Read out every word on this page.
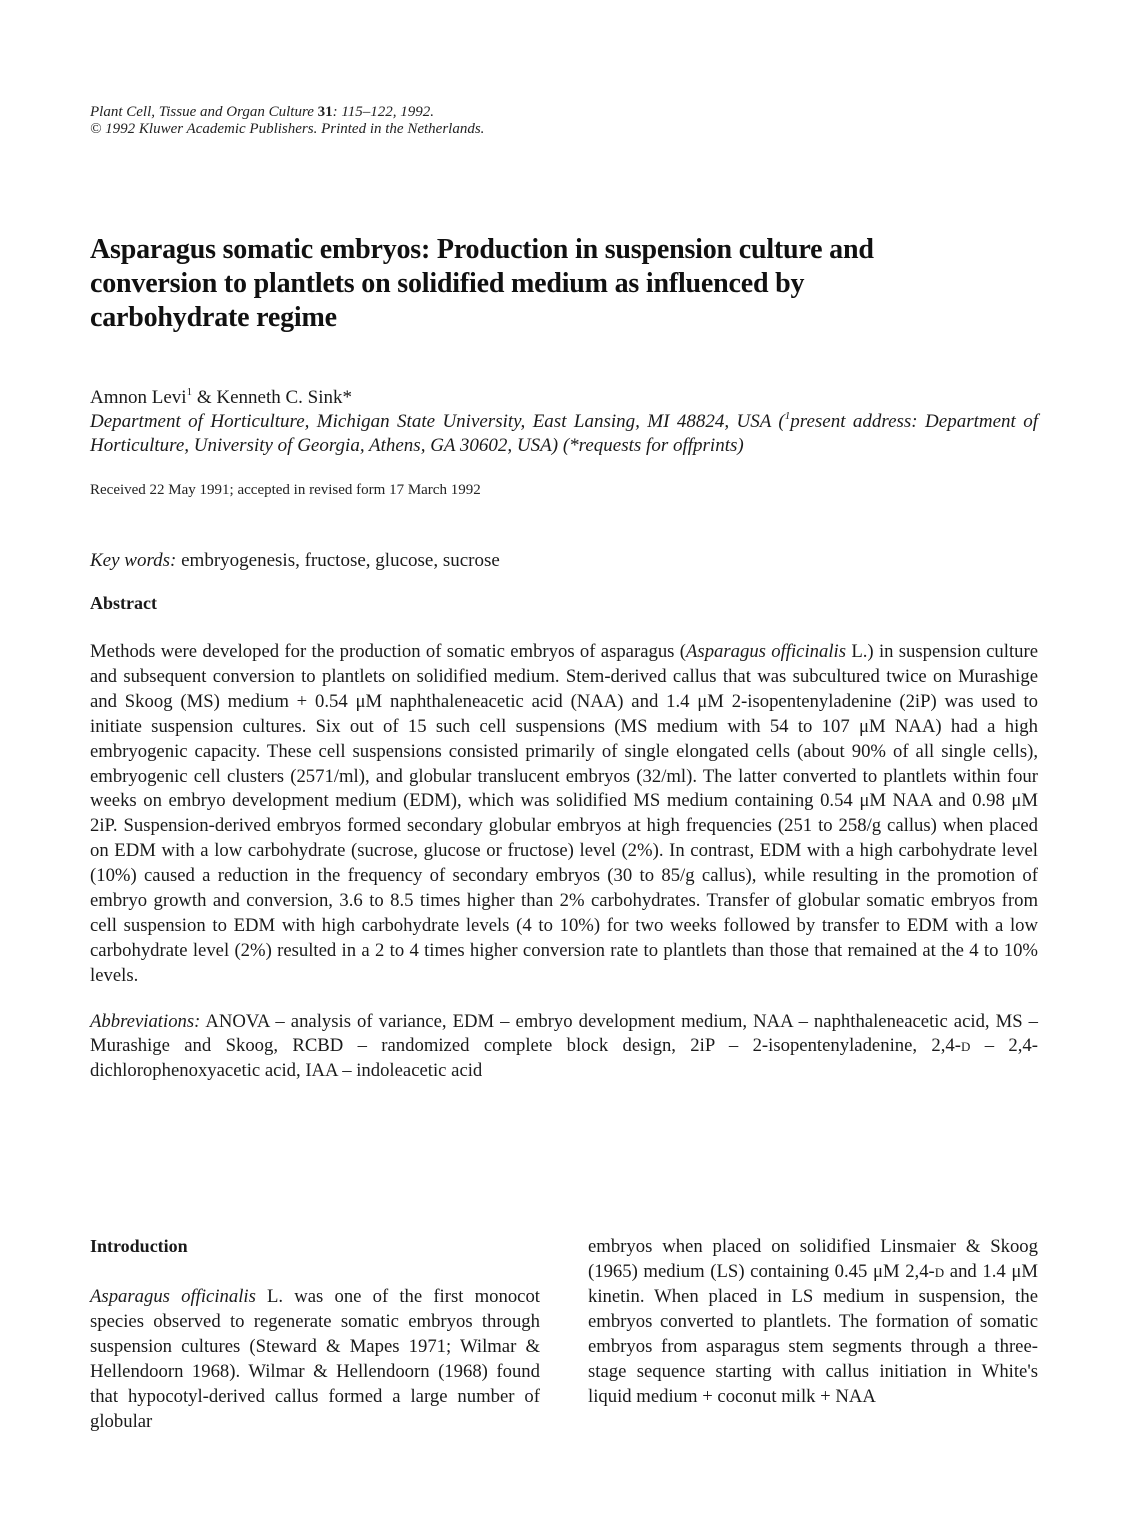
Plant Cell, Tissue and Organ Culture 31: 115–122, 1992.
© 1992 Kluwer Academic Publishers. Printed in the Netherlands.
Asparagus somatic embryos: Production in suspension culture and conversion to plantlets on solidified medium as influenced by carbohydrate regime
Amnon Levi$^1$ & Kenneth C. Sink*
Department of Horticulture, Michigan State University, East Lansing, MI 48824, USA ($^1$present address: Department of Horticulture, University of Georgia, Athens, GA 30602, USA) (*requests for offprints)
Received 22 May 1991; accepted in revised form 17 March 1992
Key words: embryogenesis, fructose, glucose, sucrose
Abstract
Methods were developed for the production of somatic embryos of asparagus (Asparagus officinalis L.) in suspension culture and subsequent conversion to plantlets on solidified medium. Stem-derived callus that was subcultured twice on Murashige and Skoog (MS) medium + 0.54 μM naphthaleneacetic acid (NAA) and 1.4 μM 2-isopentenyladenine (2iP) was used to initiate suspension cultures. Six out of 15 such cell suspensions (MS medium with 54 to 107 μM NAA) had a high embryogenic capacity. These cell suspensions consisted primarily of single elongated cells (about 90% of all single cells), embryogenic cell clusters (2571/ml), and globular translucent embryos (32/ml). The latter converted to plantlets within four weeks on embryo development medium (EDM), which was solidified MS medium containing 0.54 μM NAA and 0.98 μM 2iP. Suspension-derived embryos formed secondary globular embryos at high frequencies (251 to 258/g callus) when placed on EDM with a low carbohydrate (sucrose, glucose or fructose) level (2%). In contrast, EDM with a high carbohydrate level (10%) caused a reduction in the frequency of secondary embryos (30 to 85/g callus), while resulting in the promotion of embryo growth and conversion, 3.6 to 8.5 times higher than 2% carbohydrates. Transfer of globular somatic embryos from cell suspension to EDM with high carbohydrate levels (4 to 10%) for two weeks followed by transfer to EDM with a low carbohydrate level (2%) resulted in a 2 to 4 times higher conversion rate to plantlets than those that remained at the 4 to 10% levels.
Abbreviations: ANOVA – analysis of variance, EDM – embryo development medium, NAA – naphthaleneacetic acid, MS – Murashige and Skoog, RCBD – randomized complete block design, 2iP – 2-isopentenyladenine, 2,4-d – 2,4-dichlorophenoxyacetic acid, IAA – indoleacetic acid
Introduction
Asparagus officinalis L. was one of the first monocot species observed to regenerate somatic embryos through suspension cultures (Steward & Mapes 1971; Wilmar & Hellendoorn 1968). Wilmar & Hellendoorn (1968) found that hypocotyl-derived callus formed a large number of globular
embryos when placed on solidified Linsmaier & Skoog (1965) medium (LS) containing 0.45 μM 2,4-d and 1.4 μM kinetin. When placed in LS medium in suspension, the embryos converted to plantlets. The formation of somatic embryos from asparagus stem segments through a three-stage sequence starting with callus initiation in White's liquid medium + coconut milk + NAA
